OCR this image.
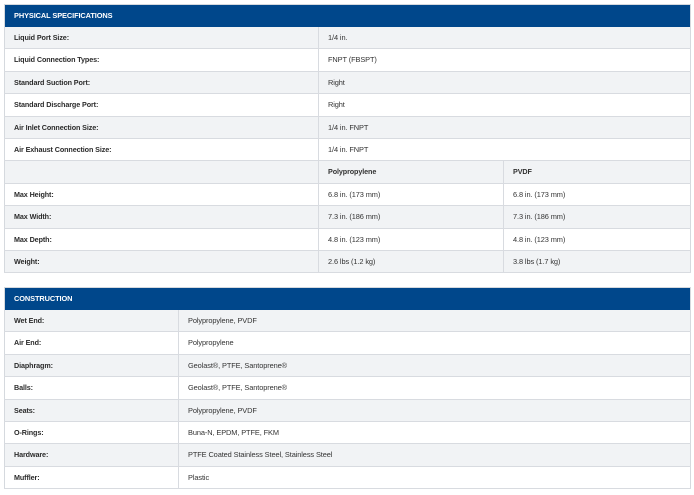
PHYSICAL SPECIFICATIONS		
Liquid Port Size:	1/4 in.	
Liquid Connection Types:	FNPT (FBSPT)	
Standard Suction Port:	Right	
Standard Discharge Port:	Right	
Air Inlet Connection Size:	1/4 in. FNPT	
Air Exhaust Connection Size:	1/4 in. FNPT	
	Polypropylene	PVDF
Max Height:	6.8 in. (173 mm)	6.8 in. (173 mm)
Max Width:	7.3 in. (186 mm)	7.3 in. (186 mm)
Max Depth:	4.8 in. (123 mm)	4.8 in. (123 mm)
Weight:	2.6 lbs (1.2 kg)	3.8 lbs (1.7 kg)
CONSTRUCTION	
Wet End:	Polypropylene, PVDF
Air End:	Polypropylene
Diaphragm:	Geolast®, PTFE, Santoprene®
Balls:	Geolast®, PTFE, Santoprene®
Seats:	Polypropylene, PVDF
O-Rings:	Buna-N, EPDM, PTFE, FKM
Hardware:	PTFE Coated Stainless Steel, Stainless Steel
Muffler:	Plastic
